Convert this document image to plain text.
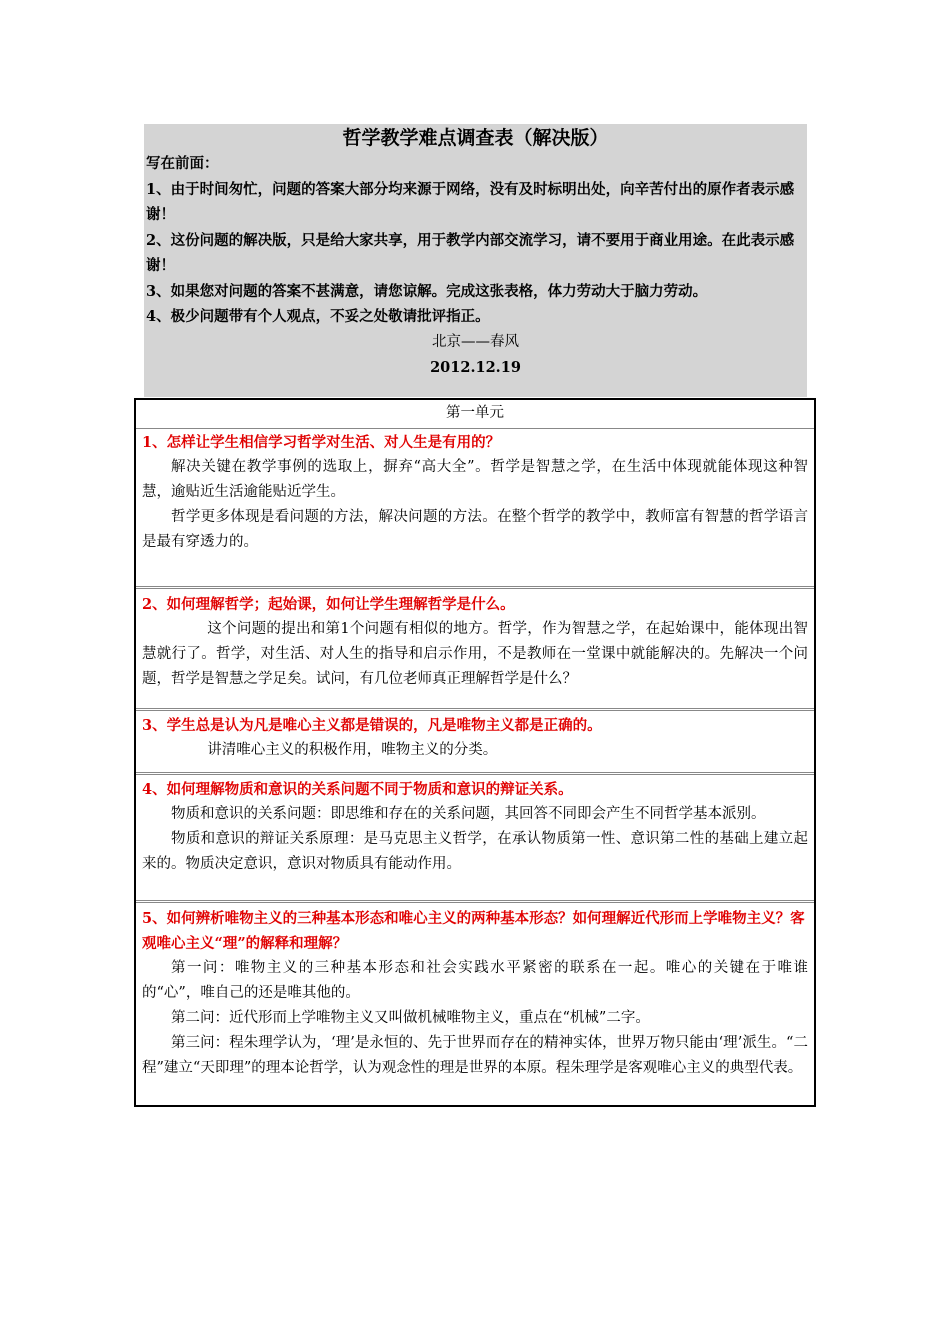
哲学教学难点调查表（解决版）

写在前面：

1、由于时间匆忙，问题的答案大部分均来源于网络，没有及时标明出处，向辛苦付出的原作者表示感谢！

2、这份问题的解决版，只是给大家共享，用于教学内部交流学习，请不要用于商业用途。在此表示感谢！

3、如果您对问题的答案不甚满意，请您谅解。完成这张表格，体力劳动大于脑力劳动。

4、极少问题带有个人观点，不妥之处敬请批评指正。

北京——春风

2012.12.19

第一单元

1、怎样让学生相信学习哲学对生活、对人生是有用的？

解决关键在教学事例的选取上，摒弃“高大全”。哲学是智慧之学，在生活中体现就能体现这种智慧，逾贴近生活逾能贴近学生。

哲学更多体现是看问题的方法，解决问题的方法。在整个哲学的教学中，教师富有智慧的哲学语言是最有穿透力的。

2、如何理解哲学；起始课，如何让学生理解哲学是什么。

这个问题的提出和第1个问题有相似的地方。哲学，作为智慧之学，在起始课中，能体现出智慧就行了。哲学，对生活、对人生的指导和启示作用，不是教师在一堂课中就能解决的。先解决一个问题，哲学是智慧之学足矣。试问，有几位老师真正理解哲学是什么？

3、学生总是认为凡是唯心主义都是错误的，凡是唯物主义都是正确的。

讲清唯心主义的积极作用，唯物主义的分类。

4、如何理解物质和意识的关系问题不同于物质和意识的辩证关系。

物质和意识的关系问题：即思维和存在的关系问题，其回答不同即会产生不同哲学基本派别。

物质和意识的辩证关系原理：是马克思主义哲学，在承认物质第一性、意识第二性的基础上建立起来的。物质决定意识，意识对物质具有能动作用。

5、如何辨析唯物主义的三种基本形态和唯心主义的两种基本形态？如何理解近代形而上学唯物主义？客观唯心主义“理”的解释和理解？

第一问：唯物主义的三种基本形态和社会实践水平紧密的联系在一起。唯心的关键在于唯谁的“心”，唯自己的还是唯其他的。

第二问：近代形而上学唯物主义又叫做机械唯物主义，重点在“机械”二字。

第三问：程朱理学认为，‘理’是永恒的、先于世界而存在的精神实体，世界万物只能由‘理’派生。“二程”建立“天即理”的理本论哲学，认为观念性的理是世界的本原。程朱理学是客观唯心主义的典型代表。
